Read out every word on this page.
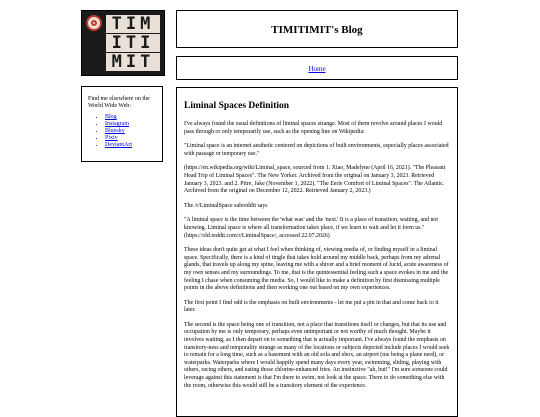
TIM
ITI
MIT
TIMITIMIT's Blog
Home

Find me elsewhere on the World Wide Web:

• Blog
• Instagram
• Bluesky
• Pixiv
• DeviantArt
Liminal Spaces Definition

I've always found the usual definitions of liminal spaces strange. Most of them revolve around places I would pass through or only temporarily use, such as the opening line on Wikipedia:

"Liminal space is an internet aesthetic centered on depictions of built environments, especially places associated with passage or temporary use."

(https://en.wikipedia.org/wiki/Liminal_space, sourced from 1. Xiao, Madelyne (April 16, 2021). "The Pleasant Head Trip of Liminal Spaces". The New Yorker. Archived from the original on January 3, 2023. Retrieved January 3, 2023. and 2. Pitre, Jake (November 1, 2022). "The Eerie Comfort of Liminal Spaces". The Atlantic. Archived from the original on December 12, 2022. Retrieved January 2, 2023.)

The /r/LiminalSpace subreddit says

"A liminal space is the time between the 'what was' and the 'next.' It is a place of transition, waiting, and not knowing. Liminal space is where all transformation takes place, if we learn to wait and let it form us." (https://old.reddit.com/r/LiminalSpace/, accessed 22.07.2026)

These ideas don't quite get at what I feel when thinking of, viewing media of, or finding myself in a liminal space. Specifically, there is a kind of tingle that takes hold around my middle back, perhaps from my adrenal glands, that travels up along my spine, leaving me with a shiver and a brief moment of lucid, acute awareness of my own senses and my surroundings. To me, that is the quintessential feeling such a space evokes in me and the feeling I chase when consuming the media. So, I would like to make a definition by first dismissing multiple points in the above definitions and then working one out based on my own experiences.

The first point I find odd is the emphasis on built environments - let me put a pin in that and come back to it later.

The second is the space being one of transition, not a place that transitions itself or changes, but that its use and occupation by me is only temporary, perhaps even unimportant or not worthy of much thought. Maybe it involves waiting, as I then depart on to something that is actually important. I've always found the emphasis on transitory-ness and temporality strange as many of the locations or subjects depicted include places I would seek to remain for a long time, such as a basement with an old sofa and xbox, an airport (me being a plane nerd), or waterparks. Waterparks where I would happily spend many days every year, swimming, sliding, playing with others, racing others, and eating those chlorine-enhanced fries. An instinctive "ah, but!" I'm sure someone could leverage against this statement is that I'm there to swim, not look at the space. There to do something else with the room, otherwise this would still be a transitory element of the experience.
